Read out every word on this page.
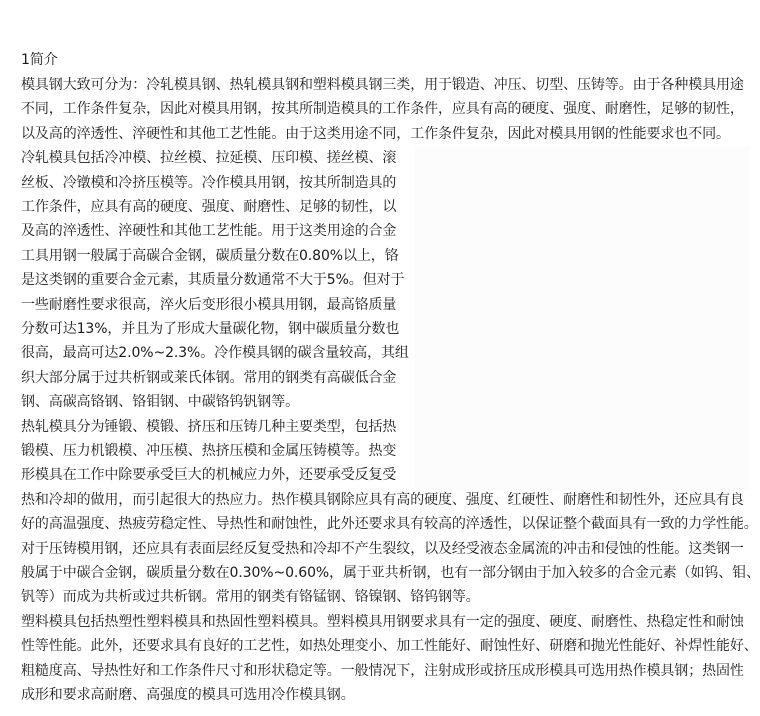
1简介
模具钢大致可分为：冷轧模具钢、热轧模具钢和塑料模具钢三类，用于锻造、冲压、切型、压铸等。由于各种模具用途
不同，工作条件复杂，因此对模具用钢，按其所制造模具的工作条件，应具有高的硬度、强度、耐磨性，足够的韧性，
以及高的淬透性、淬硬性和其他工艺性能。由于这类用途不同，工作条件复杂，因此对模具用钢的性能要求也不同。
冷轧模具包括冷冲模、拉丝模、拉延模、压印模、搓丝模、滚
丝板、冷镦模和冷挤压模等。冷作模具用钢，按其所制造具的
工作条件，应具有高的硬度、强度、耐磨性、足够的韧性，以
及高的淬透性、淬硬性和其他工艺性能。用于这类用途的合金
工具用钢一般属于高碳合金钢，碳质量分数在0.80%以上，铬
是这类钢的重要合金元素，其质量分数通常不大于5%。但对于
一些耐磨性要求很高，淬火后变形很小模具用钢，最高铬质量
分数可达13%，并且为了形成大量碳化物，钢中碳质量分数也
很高，最高可达2.0%~2.3%。冷作模具钢的碳含量较高，其组
织大部分属于过共析钢或莱氏体钢。常用的钢类有高碳低合金
钢、高碳高铬钢、铬钼钢、中碳铬钨钒钢等。
热轧模具分为锤锻、模锻、挤压和压铸几种主要类型，包括热
锻模、压力机锻模、冲压模、热挤压模和金属压铸模等。热变
形模具在工作中除要承受巨大的机械应力外，还要承受反复受
热和冷却的做用，而引起很大的热应力。热作模具钢除应具有高的硬度、强度、红硬性、耐磨性和韧性外，还应具有良
好的高温强度、热疲劳稳定性、导热性和耐蚀性，此外还要求具有较高的淬透性，以保证整个截面具有一致的力学性能。
对于压铸模用钢，还应具有表面层经反复受热和冷却不产生裂纹，以及经受液态金属流的冲击和侵蚀的性能。这类钢一
般属于中碳合金钢，碳质量分数在0.30%~0.60%，属于亚共析钢，也有一部分钢由于加入较多的合金元素（如钨、钼、
钒等）而成为共析或过共析钢。常用的钢类有铬锰钢、铬镍钢、铬钨钢等。
塑料模具包括热塑性塑料模具和热固性塑料模具。塑料模具用钢要求具有一定的强度、硬度、耐磨性、热稳定性和耐蚀
性等性能。此外，还要求具有良好的工艺性，如热处理变小、加工性能好、耐蚀性好、研磨和抛光性能好、补焊性能好、
粗糙度高、导热性好和工作条件尺寸和形状稳定等。一般情况下，注射成形或挤压成形模具可选用热作模具钢；热固性
成形和要求高耐磨、高强度的模具可选用冷作模具钢。
